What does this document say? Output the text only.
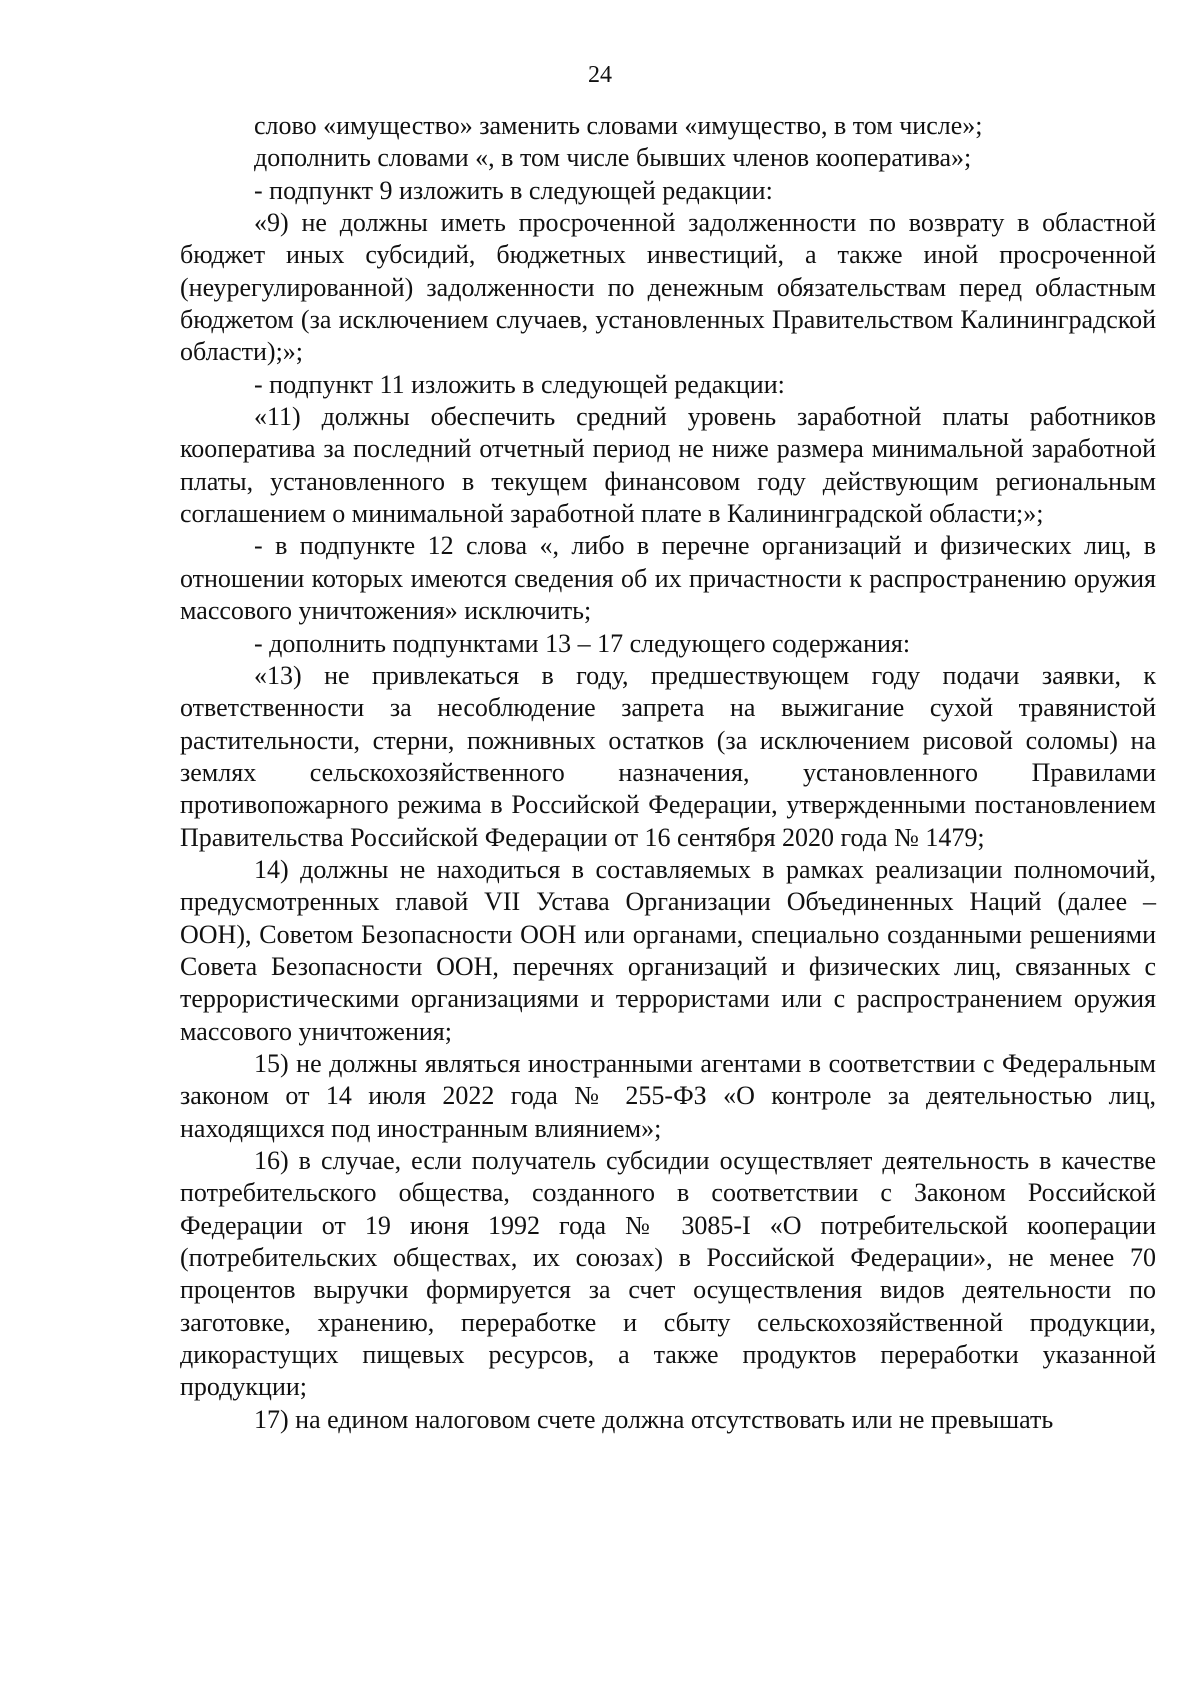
24

слово «имущество» заменить словами «имущество, в том числе»;

дополнить словами «, в том числе бывших членов кооператива»;

- подпункт 9 изложить в следующей редакции:

«9) не должны иметь просроченной задолженности по возврату в областной бюджет иных субсидий, бюджетных инвестиций, а также иной просроченной (неурегулированной) задолженности по денежным обязательствам перед областным бюджетом (за исключением случаев, установленных Правительством Калининградской области);»;

- подпункт 11 изложить в следующей редакции:

«11) должны обеспечить средний уровень заработной платы работников кооператива за последний отчетный период не ниже размера минимальной заработной платы, установленного в текущем финансовом году действующим региональным соглашением о минимальной заработной плате в Калининградской области;»;

- в подпункте 12 слова «, либо в перечне организаций и физических лиц, в отношении которых имеются сведения об их причастности к распространению оружия массового уничтожения» исключить;

- дополнить подпунктами 13 – 17 следующего содержания:

«13) не привлекаться в году, предшествующем году подачи заявки, к ответственности за несоблюдение запрета на выжигание сухой травянистой растительности, стерни, пожнивных остатков (за исключением рисовой соломы) на землях сельскохозяйственного назначения, установленного Правилами противопожарного режима в Российской Федерации, утвержденными постановлением Правительства Российской Федерации от 16 сентября 2020 года № 1479;

14) должны не находиться в составляемых в рамках реализации полномочий, предусмотренных главой VII Устава Организации Объединенных Наций (далее – ООН), Советом Безопасности ООН или органами, специально созданными решениями Совета Безопасности ООН, перечнях организаций и физических лиц, связанных с террористическими организациями и террористами или с распространением оружия массового уничтожения;

15) не должны являться иностранными агентами в соответствии с Федеральным законом от 14 июля 2022 года № 255-ФЗ «О контроле за деятельностью лиц, находящихся под иностранным влиянием»;

16) в случае, если получатель субсидии осуществляет деятельность в качестве потребительского общества, созданного в соответствии с Законом Российской Федерации от 19 июня 1992 года № 3085-I «О потребительской кооперации (потребительских обществах, их союзах) в Российской Федерации», не менее 70 процентов выручки формируется за счет осуществления видов деятельности по заготовке, хранению, переработке и сбыту сельскохозяйственной продукции, дикорастущих пищевых ресурсов, а также продуктов переработки указанной продукции;

17) на едином налоговом счете должна отсутствовать или не превышать
